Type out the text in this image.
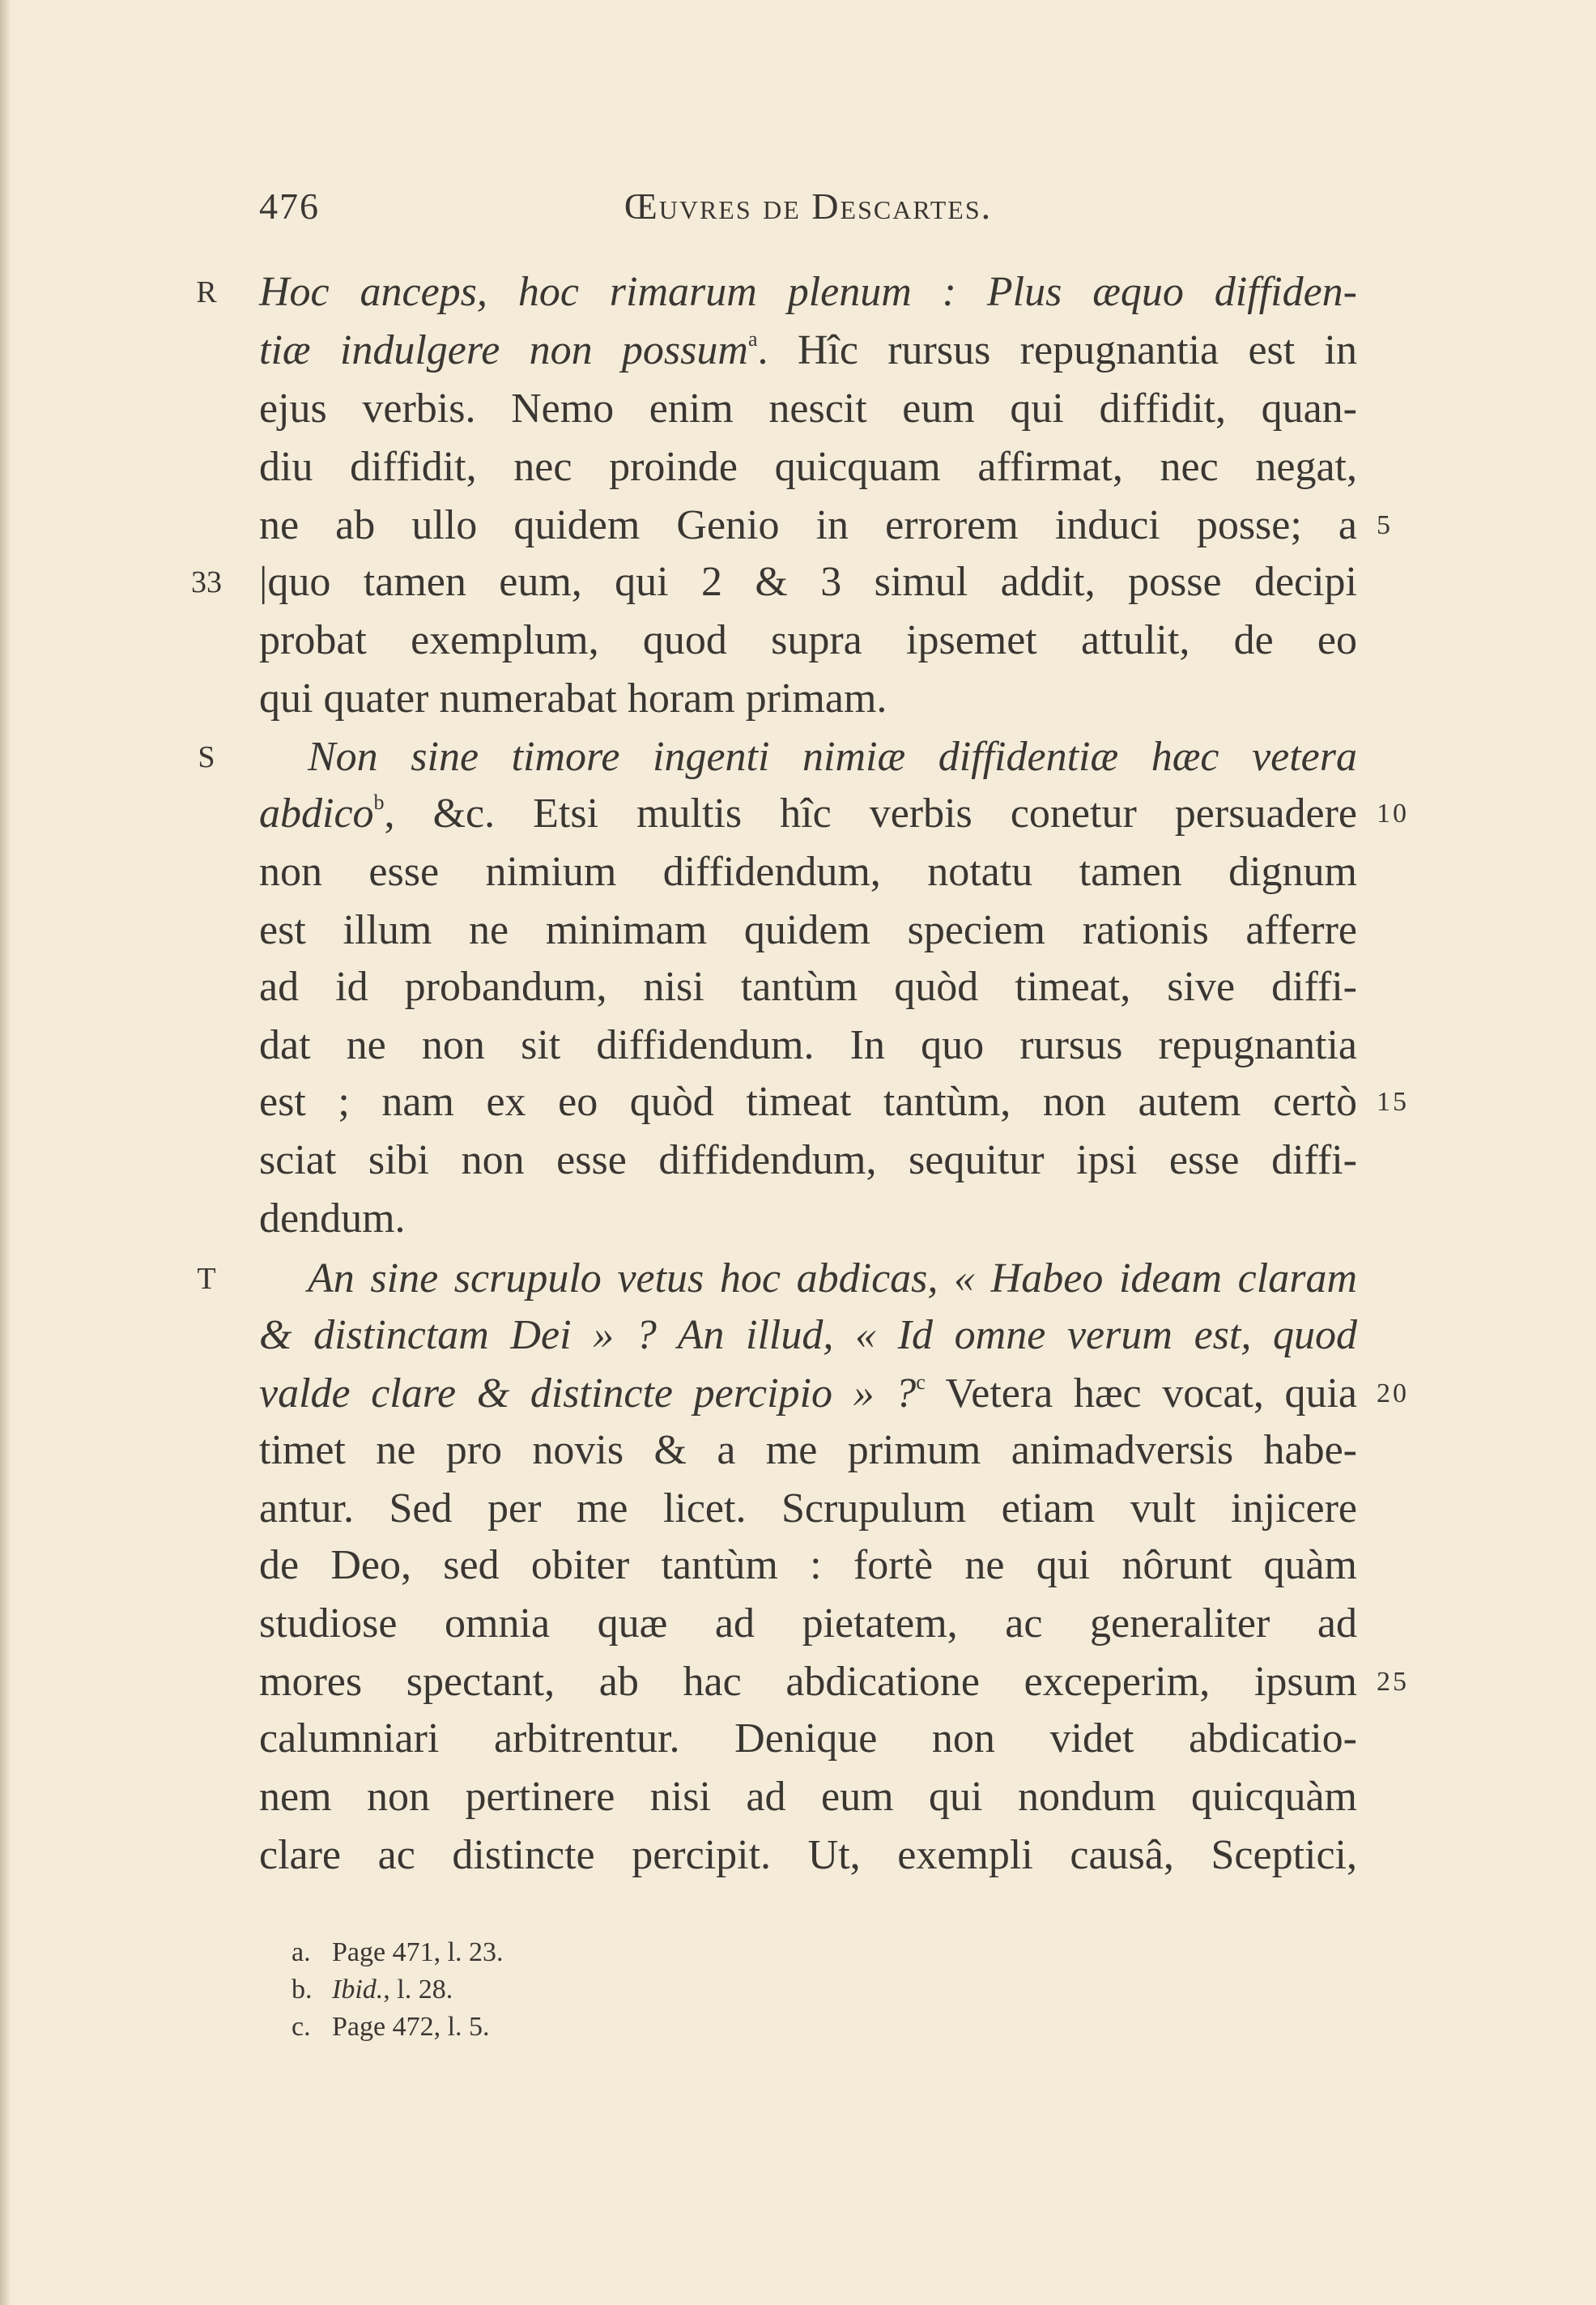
476	Œuvres de Descartes.
R
33
S
T
5
10
15
20
25
Hoc anceps, hoc rimarum plenum : Plus æquo diffiden-
tiæ indulgere non possum$^a$. Hîc rursus repugnantia est in
ejus verbis. Nemo enim nescit eum qui diffidit, quan-
diu diffidit, nec proinde quicquam affirmat, nec negat,
ne ab ullo quidem Genio in errorem induci posse; a
|quo tamen eum, qui 2 & 3 simul addit, posse decipi
probat exemplum, quod supra ipsemet attulit, de eo
qui quater numerabat horam primam.
Non sine timore ingenti nimiæ diffidentiæ hæc vetera
abdico$^b$, &c. Etsi multis hîc verbis conetur persuadere
non esse nimium diffidendum, notatu tamen dignum
est illum ne minimam quidem speciem rationis afferre
ad id probandum, nisi tantùm quòd timeat, sive diffi-
dat ne non sit diffidendum. In quo rursus repugnantia
est ; nam ex eo quòd timeat tantùm, non autem certò
sciat sibi non esse diffidendum, sequitur ipsi esse diffi-
dendum.
An sine scrupulo vetus hoc abdicas, « Habeo ideam claram
& distinctam Dei » ? An illud, « Id omne verum est, quod
valde clare & distincte percipio » ?$^c$ Vetera hæc vocat, quia
timet ne pro novis & a me primum animadversis habe-
antur. Sed per me licet. Scrupulum etiam vult injicere
de Deo, sed obiter tantùm : fortè ne qui nôrunt quàm
studiose omnia quæ ad pietatem, ac generaliter ad
mores spectant, ab hac abdicatione exceperim, ipsum
calumniari arbitrentur. Denique non videt abdicatio-
nem non pertinere nisi ad eum qui nondum quicquàm
clare ac distincte percipit. Ut, exempli causâ, Sceptici,
a. Page 471, l. 23.
b. Ibid., l. 28.
c. Page 472, l. 5.
